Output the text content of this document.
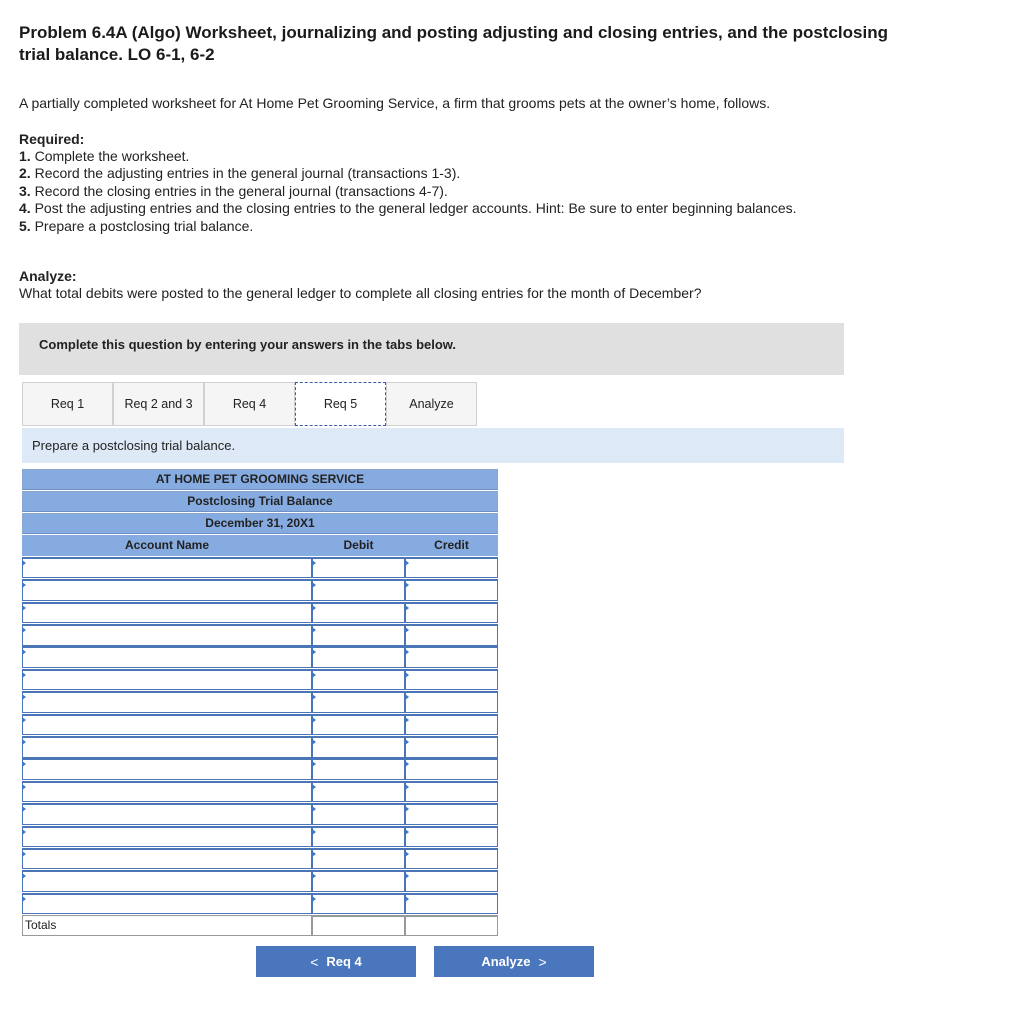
Problem 6.4A (Algo) Worksheet, journalizing and posting adjusting and closing entries, and the postclosing trial balance. LO 6-1, 6-2
A partially completed worksheet for At Home Pet Grooming Service, a firm that grooms pets at the owner’s home, follows.
Required:
1. Complete the worksheet.
2. Record the adjusting entries in the general journal (transactions 1-3).
3. Record the closing entries in the general journal (transactions 4-7).
4. Post the adjusting entries and the closing entries to the general ledger accounts. Hint: Be sure to enter beginning balances.
5. Prepare a postclosing trial balance.
Analyze:
What total debits were posted to the general ledger to complete all closing entries for the month of December?
Complete this question by entering your answers in the tabs below.
Req 1	Req 2 and 3	Req 4	Req 5	Analyze
Prepare a postclosing trial balance.
AT HOME PET GROOMING SERVICE
Postclosing Trial Balance
December 31, 20X1
Account Name	Debit	Credit
Totals
< Req 4	Analyze >
